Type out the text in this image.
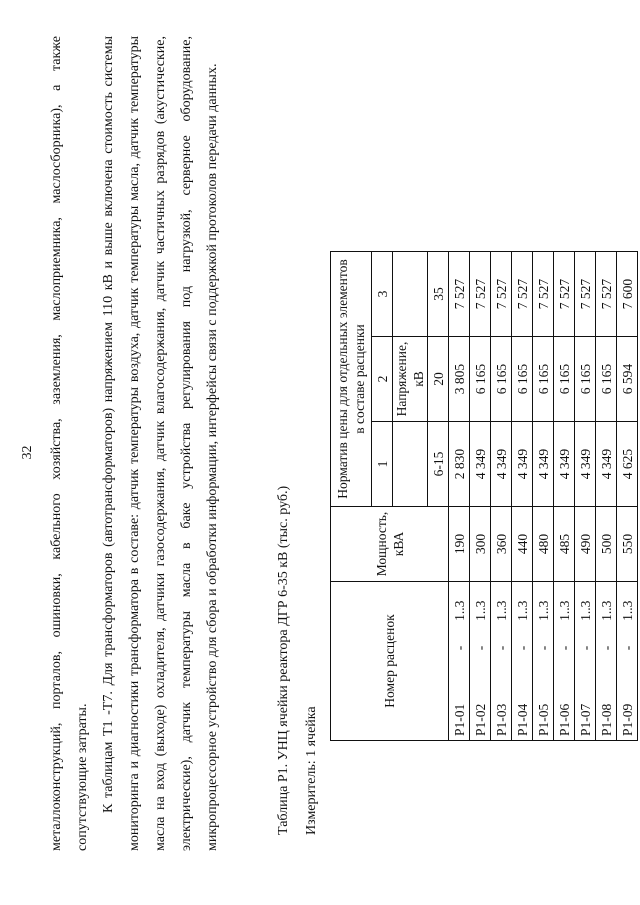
32	металлоконструкций, порталов, ошиновки, кабельного хозяйства, заземления, маслоприемника, маслосборника), а также сопутствующие затраты. К таблицам Т1 -Т7. Для трансформаторов (автотрансформаторов) напряжением 110 кВ и выше включена стоимость системы мониторинга и диагностики трансформатора в составе: датчик температуры воздуха, датчик температуры масла, датчик температуры масла на вход (выходе) охладителя, датчики газосодержания, датчик влагосодержания, датчик частичных разрядов (акустические, электрические), датчик температуры масла в баке устройства регулирования под нагрузкой, серверное оборудование, микропроцессорное устройство для сбора и обработки информации, интерфейсы связи с поддержкой протоколов передачи данных.	Таблица Р1. УНЦ ячейки реактора ДГР 6-35 кВ (тыс. руб.) Измеритель: 1 ячейка
Номер расценок			Мощность, кВА	Норматив цены для отдельных элементов в составе расценки		
				1	2	3
					Напряжение, кВ	
				6-15	20	35
Р1-01	-	1..3	190	2 830	3 805	7 527
Р1-02	-	1..3	300	4 349	6 165	7 527
Р1-03	-	1..3	360	4 349	6 165	7 527
Р1-04	-	1..3	440	4 349	6 165	7 527
Р1-05	-	1..3	480	4 349	6 165	7 527
Р1-06	-	1..3	485	4 349	6 165	7 527
Р1-07	-	1..3	490	4 349	6 165	7 527
Р1-08	-	1..3	500	4 349	6 165	7 527
Р1-09	-	1..3	550	4 625	6 594	7 600
